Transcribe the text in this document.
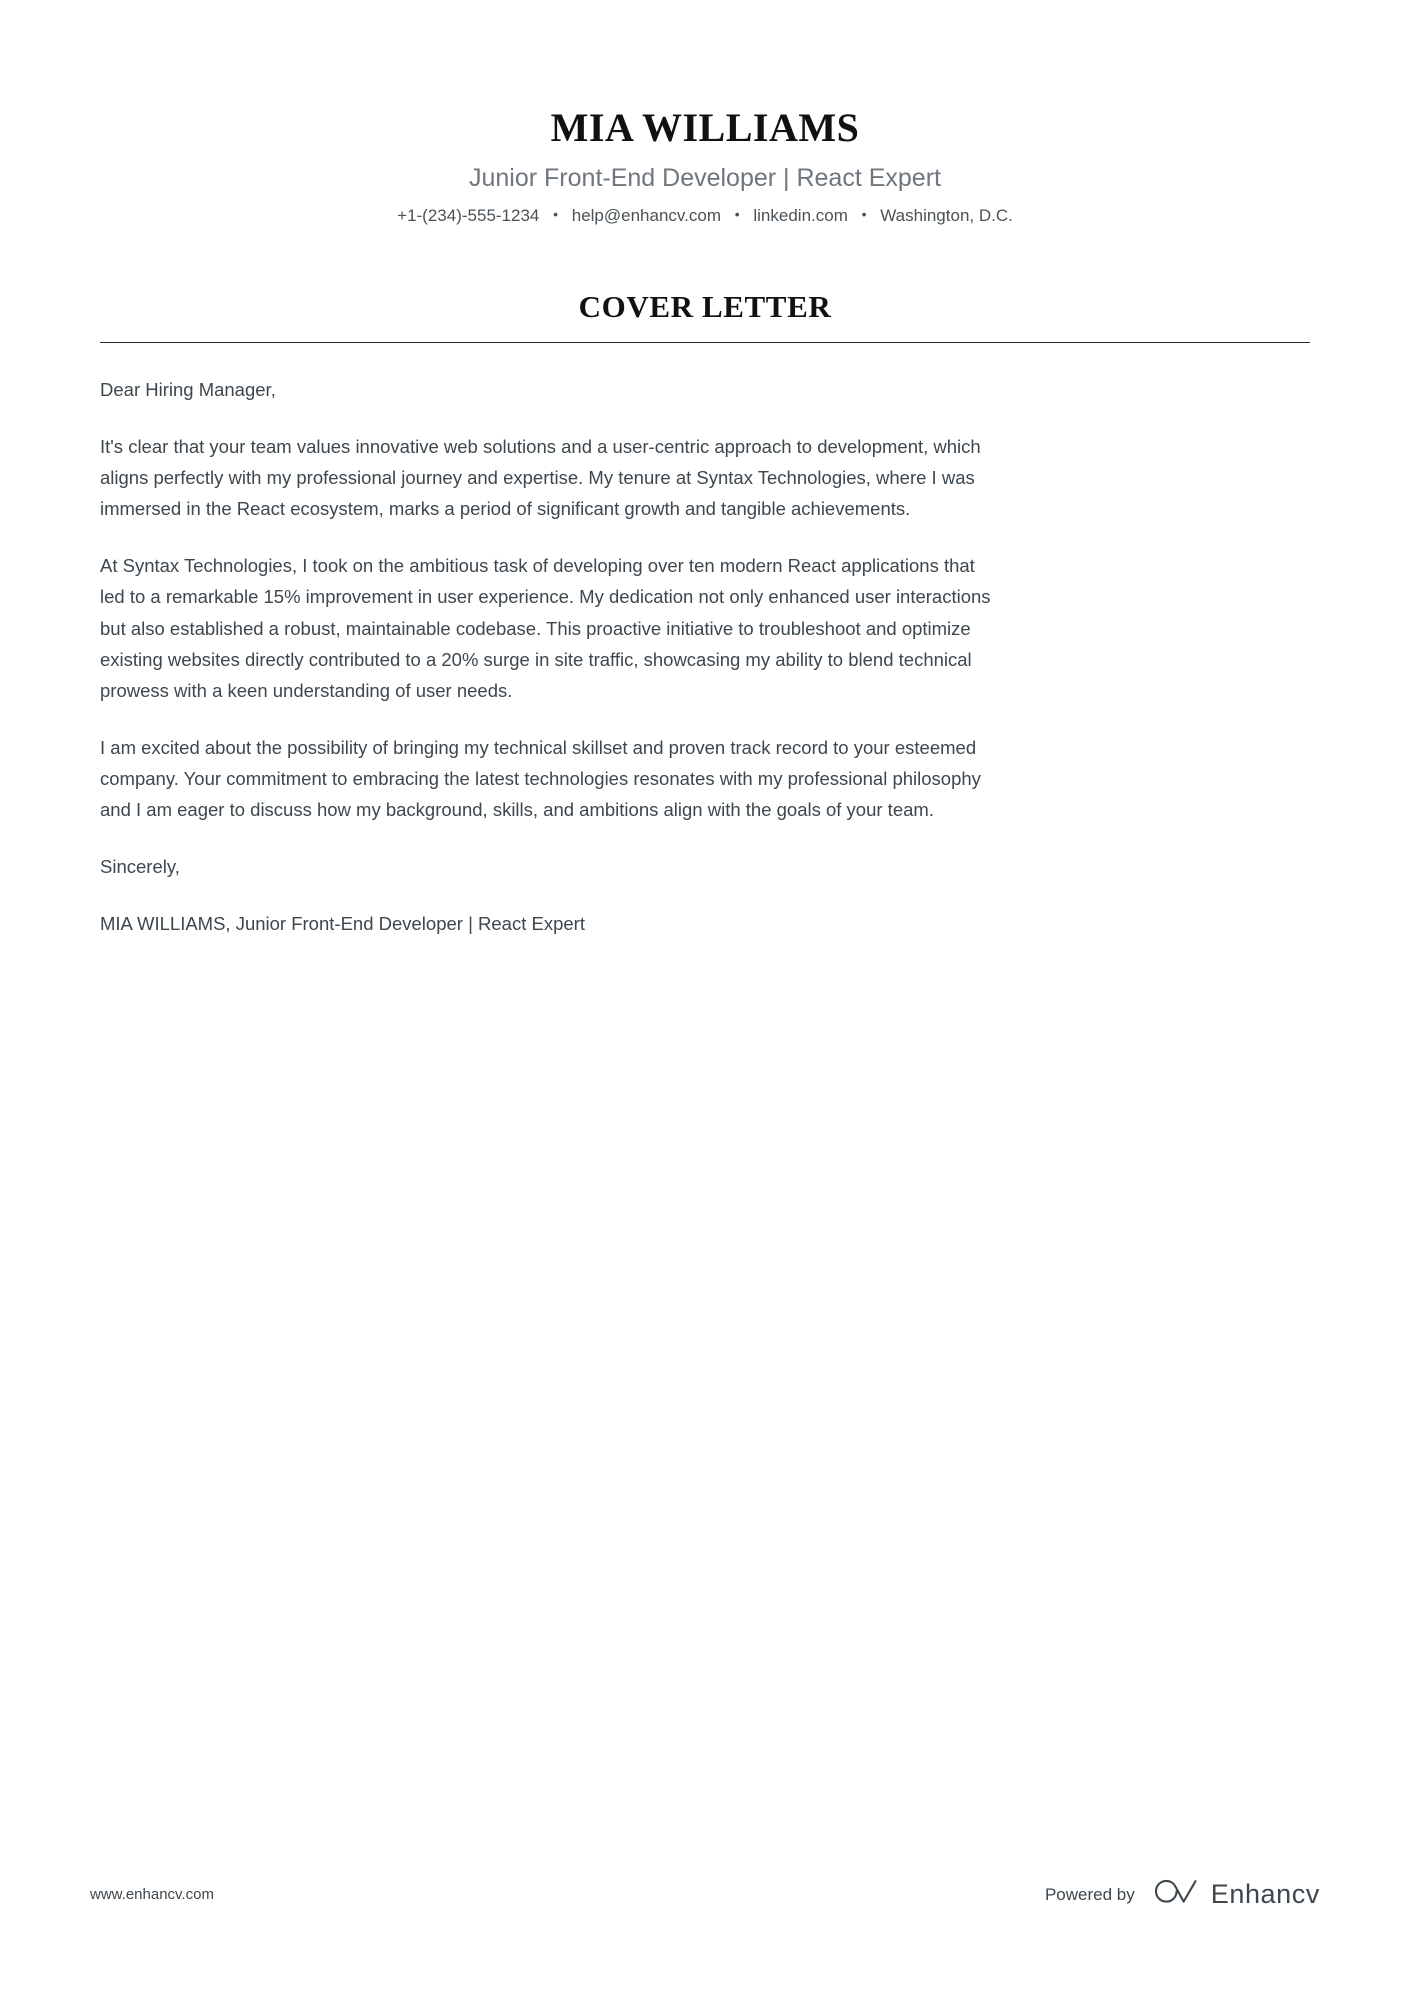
MIA WILLIAMS
Junior Front-End Developer | React Expert
+1-(234)-555-1234 • help@enhancv.com • linkedin.com • Washington, D.C.
COVER LETTER

Dear Hiring Manager,

It's clear that your team values innovative web solutions and a user-centric approach to development, which aligns perfectly with my professional journey and expertise. My tenure at Syntax Technologies, where I was immersed in the React ecosystem, marks a period of significant growth and tangible achievements.

At Syntax Technologies, I took on the ambitious task of developing over ten modern React applications that led to a remarkable 15% improvement in user experience. My dedication not only enhanced user interactions but also established a robust, maintainable codebase. This proactive initiative to troubleshoot and optimize existing websites directly contributed to a 20% surge in site traffic, showcasing my ability to blend technical prowess with a keen understanding of user needs.

I am excited about the possibility of bringing my technical skillset and proven track record to your esteemed company. Your commitment to embracing the latest technologies resonates with my professional philosophy and I am eager to discuss how my background, skills, and ambitions align with the goals of your team.

Sincerely,

MIA WILLIAMS, Junior Front-End Developer | React Expert

www.enhancv.com	Powered by	Enhancv
